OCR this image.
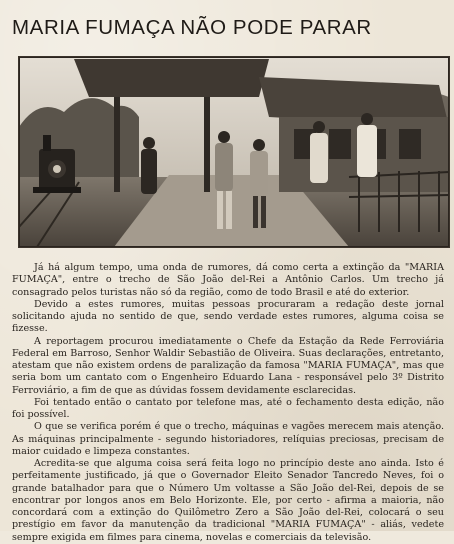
MARIA FUMAÇA NÃO PODE PARAR

Já há algum tempo, uma onda de rumores, dá como certa a extinção da "MARIA FUMAÇA", entre o trecho de São João del-Rei a Antônio Carlos. Um trecho já consagrado pelos turistas não só da região, como de todo Brasil e até do exterior.

Devido a estes rumores, muitas pessoas procuraram a redação deste jornal solicitando ajuda no sentido de que, sendo verdade estes rumores, alguma coisa se fizesse.

A reportagem procurou imediatamente o Chefe da Estação da Rede Ferroviária Federal em Barroso, Senhor Waldir Sebastião de Oliveira. Suas declarações, entretanto, atestam que não existem ordens de paralização da famosa "MARIA FUMAÇA", mas que seria bom um cantato com o Engenheiro Eduardo Lana - responsável pelo 3º Distrito Ferroviário, a fim de que as dúvidas fossem devidamente esclarecidas.

Foi tentado então o cantato por telefone mas, até o fechamento desta edição, não foi possível.

O que se verifica porém é que o trecho, máquinas e vagões merecem mais atenção. As máquinas principalmente - segundo historiadores, relíquias preciosas, precisam de maior cuidado e limpeza constantes.

Acredita-se que alguma coisa será feita logo no princípio deste ano ainda. Isto é perfeitamente justificado, já que o Governador Eleito Senador Tancredo Neves, foi o grande batalhador para que o Número Um voltasse a São João del-Rei, depois de se encontrar por longos anos em Belo Horizonte. Ele, por certo - afirma a maioria, não concordará com a extinção do Quilômetro Zero a São João del-Rei, colocará o seu prestígio em favor da manutenção da tradicional "MARIA FUMAÇA" - aliás, vedete sempre exigida em filmes para cinema, novelas e comerciais da televisão.
